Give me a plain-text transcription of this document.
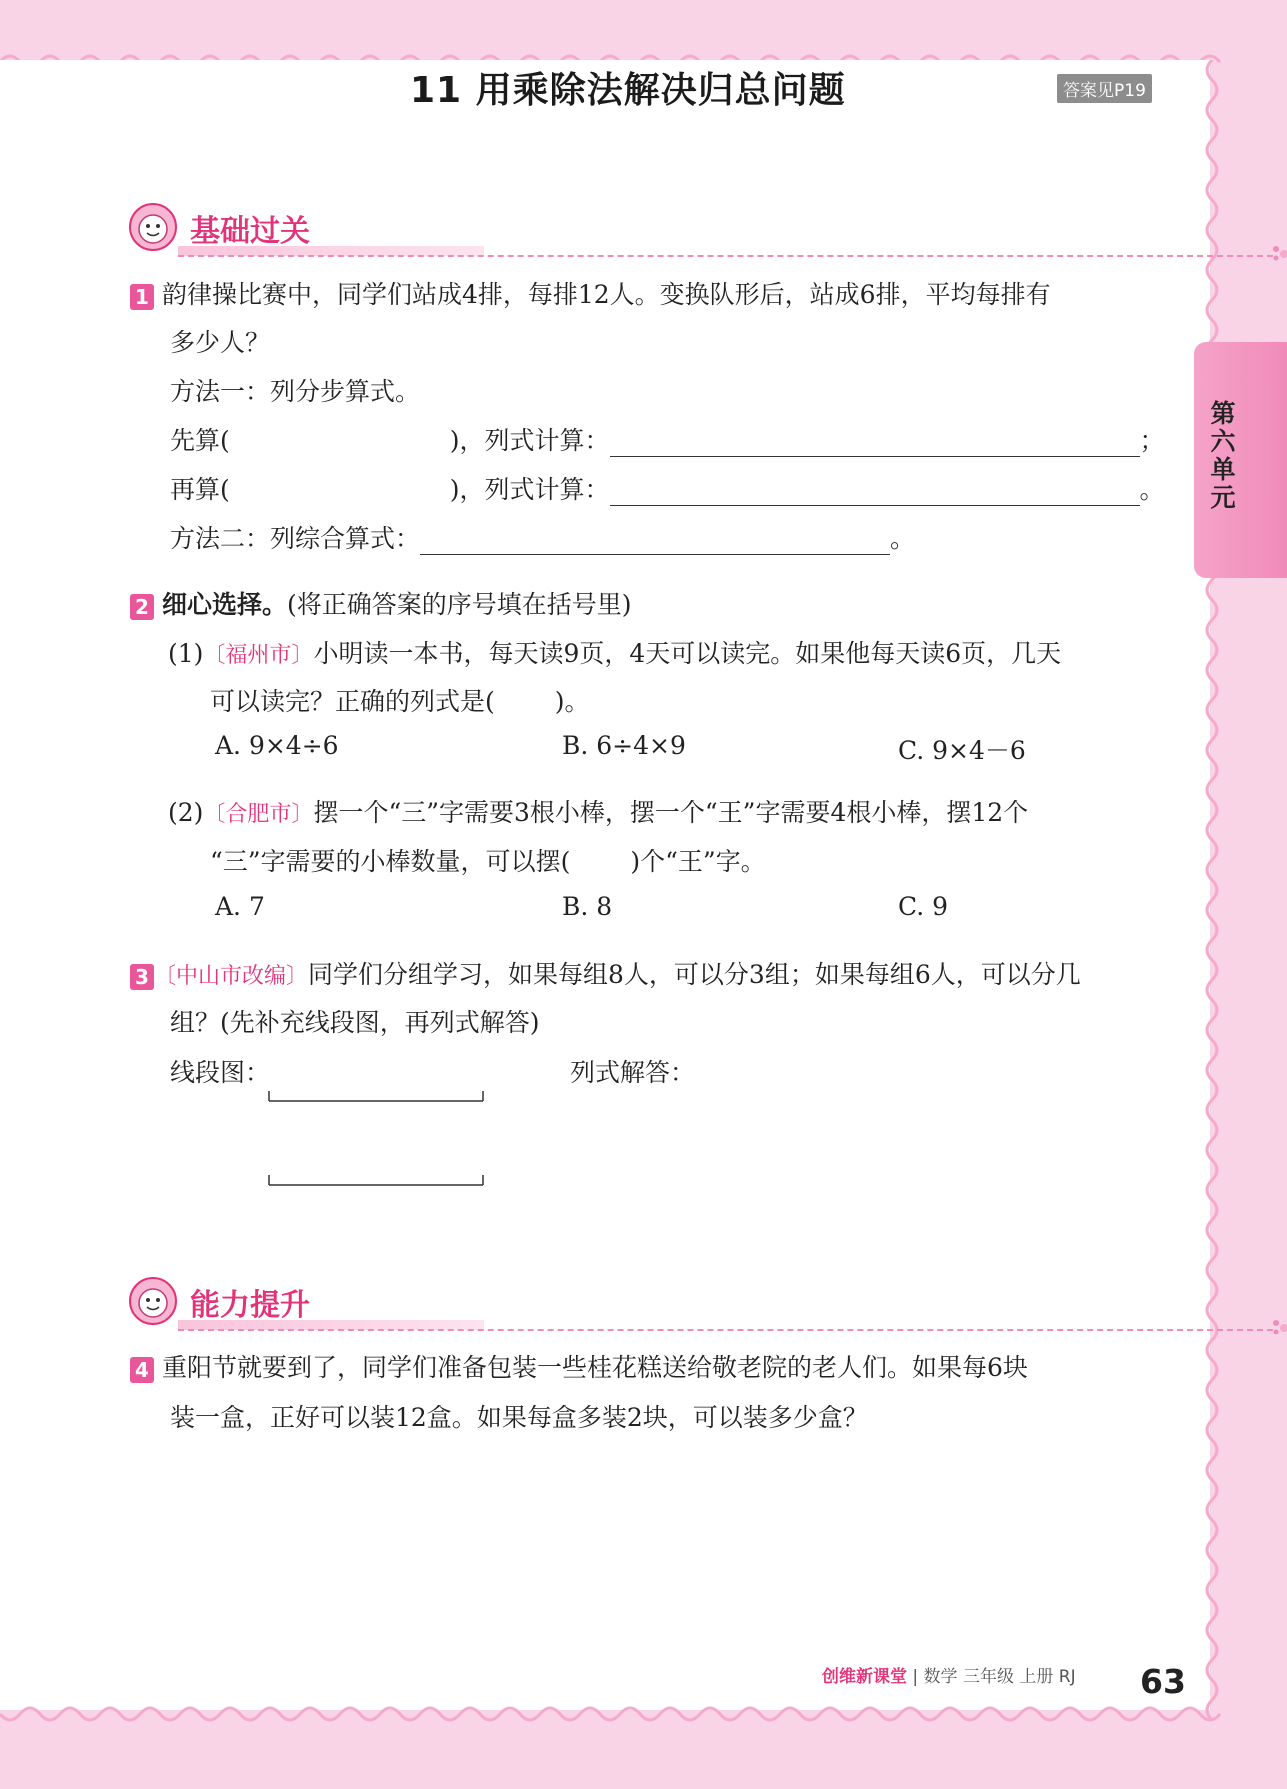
第六单元
11 用乘除法解决归总问题	答案见P19
基础过关
1 韵律操比赛中，同学们站成4排，每排12人。变换队形后，站成6排，平均每排有
多少人？
方法一：列分步算式。
先算(	)，列式计算：	；
再算(	)，列式计算：	。
方法二：列综合算式：	。
2 细心选择。(将正确答案的序号填在括号里)
(1)〔福州市〕小明读一本书，每天读9页，4天可以读完。如果他每天读6页，几天
可以读完？正确的列式是( )。
A. 9×4÷6	B. 6÷4×9	C. 9×4－6
(2)〔合肥市〕摆一个“三”字需要3根小棒，摆一个“王”字需要4根小棒，摆12个
“三”字需要的小棒数量，可以摆( )个“王”字。
A. 7	B. 8	C. 9
3 〔中山市改编〕同学们分组学习，如果每组8人，可以分3组；如果每组6人，可以分几
组？(先补充线段图，再列式解答)
线段图：	列式解答：
能力提升
4 重阳节就要到了，同学们准备包装一些桂花糕送给敬老院的老人们。如果每6块
装一盒，正好可以装12盒。如果每盒多装2块，可以装多少盒？
创维新课堂 | 数学 三年级 上册 RJ 63
